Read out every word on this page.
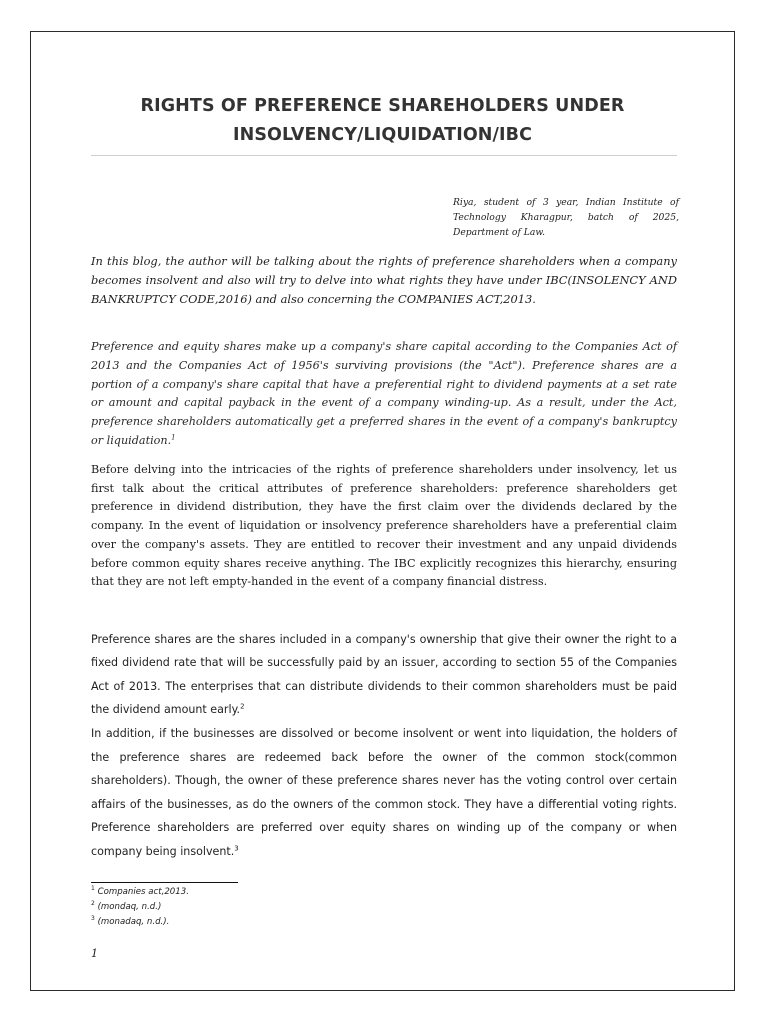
RIGHTS OF PREFERENCE SHAREHOLDERS UNDER
INSOLVENCY/LIQUIDATION/IBC
Riya, student of 3 year, Indian Institute of Technology Kharagpur, batch of 2025, Department of Law.

In this blog, the author will be talking about the rights of preference shareholders when a company becomes insolvent and also will try to delve into what rights they have under IBC(INSOLENCY AND BANKRUPTCY CODE,2016) and also concerning the COMPANIES ACT,2013.

Preference and equity shares make up a company's share capital according to the Companies Act of 2013 and the Companies Act of 1956's surviving provisions (the "Act"). Preference shares are a portion of a company's share capital that have a preferential right to dividend payments at a set rate or amount and capital payback in the event of a company winding-up. As a result, under the Act, preference shareholders automatically get a preferred shares in the event of a company's bankruptcy or liquidation.$^1$

Before delving into the intricacies of the rights of preference shareholders under insolvency, let us first talk about the critical attributes of preference shareholders: preference shareholders get preference in dividend distribution, they have the first claim over the dividends declared by the company. In the event of liquidation or insolvency preference shareholders have a preferential claim over the company's assets. They are entitled to recover their investment and any unpaid dividends before common equity shares receive anything. The IBC explicitly recognizes this hierarchy, ensuring that they are not left empty-handed in the event of a company financial distress.

Preference shares are the shares included in a company's ownership that give their owner the right to a fixed dividend rate that will be successfully paid by an issuer, according to section 55 of the Companies Act of 2013. The enterprises that can distribute dividends to their common shareholders must be paid the dividend amount early.$^2$

In addition, if the businesses are dissolved or become insolvent or went into liquidation, the holders of the preference shares are redeemed back before the owner of the common stock(common shareholders). Though, the owner of these preference shares never has the voting control over certain affairs of the businesses, as do the owners of the common stock. They have a differential voting rights. Preference shareholders are preferred over equity shares on winding up of the company or when company being insolvent.$^3$

$^1$ Companies act,2013.
$^2$ (mondaq, n.d.)
$^3$ (monadaq, n.d.).
1
